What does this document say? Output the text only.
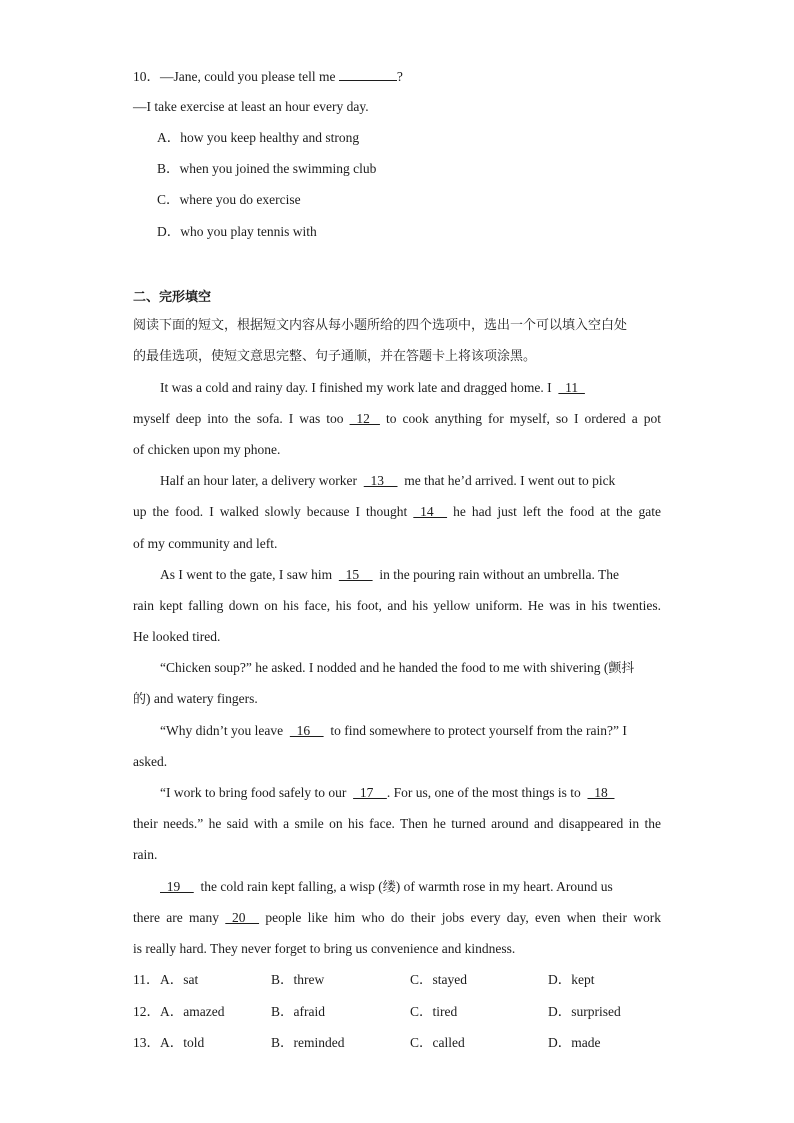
10．—Jane, could you please tell me	?
—I take exercise at least an hour every day.
A．how you keep healthy and strong
B．when you joined the swimming club
C．where you do exercise
D．who you play tennis with
二、完形填空
阅读下面的短文，根据短文内容从每小题所给的四个选项中，选出一个可以填入空白处
的最佳选项，使短文意思完整、句子通顺，并在答题卡上将该项涂黑。
It was a cold and rainy day. I finished my work late and dragged home. I    11
myself deep into the sofa. I was too   12    to cook anything for myself, so I ordered a pot
of chicken upon my phone.
Half an hour later, a delivery worker    13      me that he’d arrived. I went out to pick
up the food. I walked slowly because I thought   14     he had just left the food at the gate
of my community and left.
As I went to the gate, I saw him    15      in the pouring rain without an umbrella. The
rain kept falling down on his face, his foot, and his yellow uniform. He was in his twenties.
He looked tired.
“Chicken soup?” he asked. I nodded and he handed the food to me with shivering (颤抖
的) and watery fingers.
“Why didn’t you leave    16      to find somewhere to protect yourself from the rain?” I
asked.
“I work to bring food safely to our    17    . For us, one of the most things is to    18
their needs.” he said with a smile on his face. Then he turned around and disappeared in the
rain.
19      the cold rain kept falling, a wisp (缕) of warmth rose in my heart. Around us
there are many   20     people like him who do their jobs every day, even when their work
is really hard. They never forget to bring us convenience and kindness.
11． A．sat	B．threw	C．stayed	D．kept
12． A．amazed	B．afraid	C．tired	D．surprised
13． A．told	B．reminded	C．called	D．made
